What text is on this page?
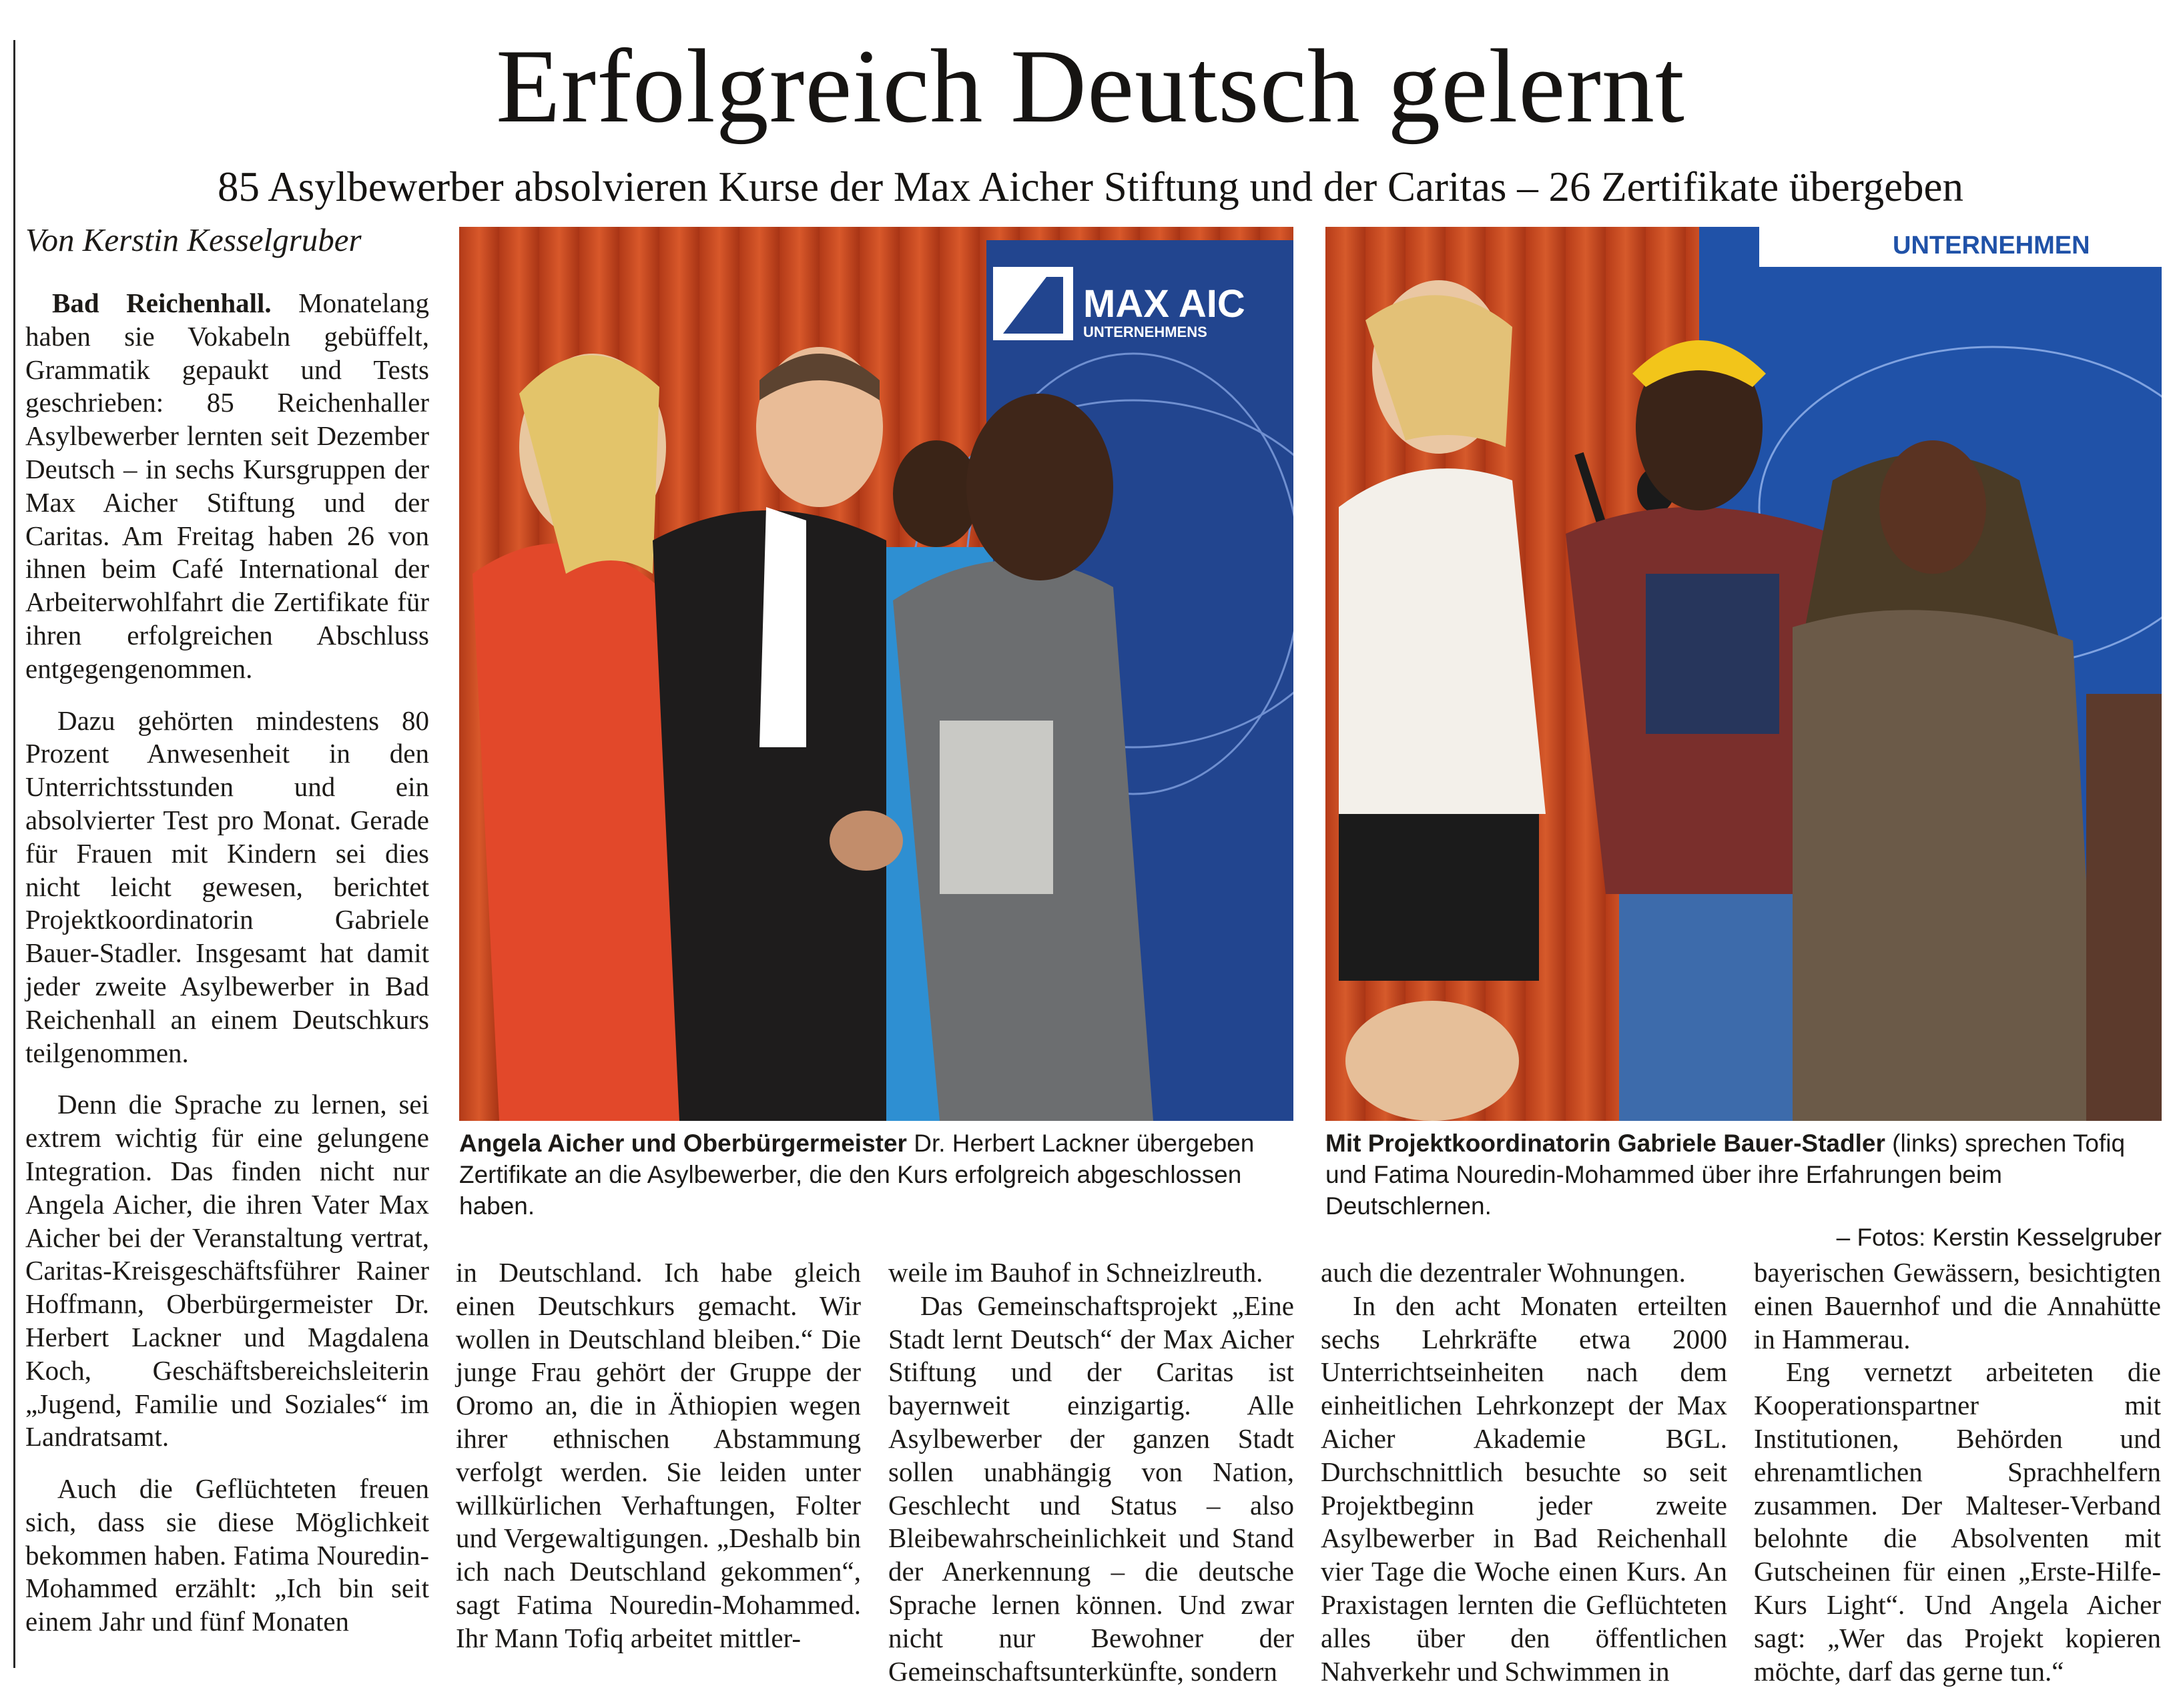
Erfolgreich Deutsch gelernt
85 Asylbewerber absolvieren Kurse der Max Aicher Stiftung und der Caritas – 26 Zertifikate übergeben
Von Kerstin Kesselgruber

Bad Reichenhall. Monatelang haben sie Vokabeln gebüffelt, Grammatik gepaukt und Tests geschrieben: 85 Reichenhaller Asylbewerber lernten seit Dezember Deutsch – in sechs Kursgruppen der Max Aicher Stiftung und der Caritas. Am Freitag haben 26 von ihnen beim Café International der Arbeiterwohlfahrt die Zertifikate für ihren erfolgreichen Abschluss entgegengenommen.

Dazu gehörten mindestens 80 Prozent Anwesenheit in den Unterrichtsstunden und ein absolvierter Test pro Monat. Gerade für Frauen mit Kindern sei dies nicht leicht gewesen, berichtet Projektkoordinatorin Gabriele Bauer-Stadler. Insgesamt hat damit jeder zweite Asylbewerber in Bad Reichenhall an einem Deutschkurs teilgenommen.

Denn die Sprache zu lernen, sei extrem wichtig für eine gelungene Integration. Das finden nicht nur Angela Aicher, die ihren Vater Max Aicher bei der Veranstaltung vertrat, Caritas-Kreisgeschäftsführer Rainer Hoffmann, Oberbürgermeister Dr. Herbert Lackner und Magdalena Koch, Geschäftsbereichsleiterin „Jugend, Familie und Soziales“ im Landratsamt.

Auch die Geflüchteten freuen sich, dass sie diese Möglichkeit bekommen haben. Fatima Nouredin-Mohammed erzählt: „Ich bin seit einem Jahr und fünf Monaten

MAX AIC
UNTERNEHMENS
UNTERNEHMEN
Angela Aicher und Oberbürgermeister Dr. Herbert Lackner übergeben Zertifikate an die Asylbewerber, die den Kurs erfolgreich abgeschlossen haben.
Mit Projektkoordinatorin Gabriele Bauer-Stadler (links) sprechen Tofiq und Fatima Nouredin-Mohammed über ihre Erfahrungen beim Deutschlernen.
– Fotos: Kerstin Kesselgruber

in Deutschland. Ich habe gleich einen Deutschkurs gemacht. Wir wollen in Deutschland bleiben.“ Die junge Frau gehört der Gruppe der Oromo an, die in Äthiopien wegen ihrer ethnischen Abstammung verfolgt werden. Sie leiden unter willkürlichen Verhaftungen, Folter und Vergewaltigungen. „Deshalb bin ich nach Deutschland gekommen“, sagt Fatima Nouredin-Mohammed. Ihr Mann Tofiq arbeitet mittler-

weile im Bauhof in Schneizlreuth.

Das Gemeinschaftsprojekt „Eine Stadt lernt Deutsch“ der Max Aicher Stiftung und der Caritas ist bayernweit einzigartig. Alle Asylbewerber der ganzen Stadt sollen unabhängig von Nation, Geschlecht und Status – also Bleibewahrscheinlichkeit und Stand der Anerkennung – die deutsche Sprache lernen können. Und zwar nicht nur Bewohner der Gemeinschaftsunterkünfte, sondern

auch die dezentraler Wohnungen.

In den acht Monaten erteilten sechs Lehrkräfte etwa 2000 Unterrichtseinheiten nach dem einheitlichen Lehrkonzept der Max Aicher Akademie BGL. Durchschnittlich besuchte so seit Projektbeginn jeder zweite Asylbewerber in Bad Reichenhall vier Tage die Woche einen Kurs. An Praxistagen lernten die Geflüchteten alles über den öffentlichen Nahverkehr und Schwimmen in

bayerischen Gewässern, besichtigten einen Bauernhof und die Annahütte in Hammerau.

Eng vernetzt arbeiteten die Kooperationspartner mit Institutionen, Behörden und ehrenamtlichen Sprachhelfern zusammen. Der Malteser-Verband belohnte die Absolventen mit Gutscheinen für einen „Erste-Hilfe-Kurs Light“. Und Angela Aicher sagt: „Wer das Projekt kopieren möchte, darf das gerne tun.“
